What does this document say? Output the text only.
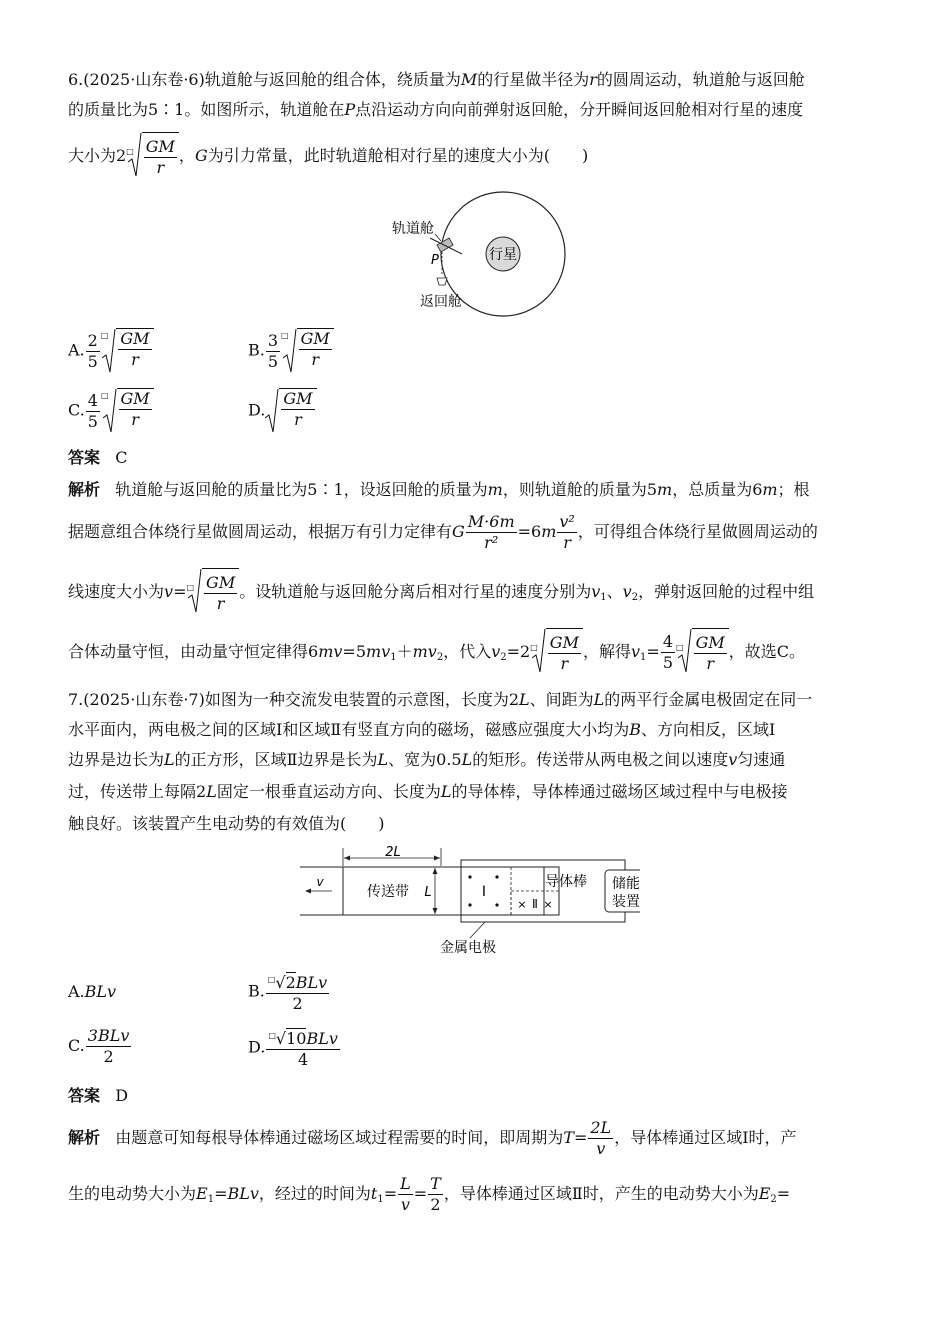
6.(2025·山东卷·6)轨道舱与返回舱的组合体，绕质量为M的行星做半径为r的圆周运动，轨道舱与返回舱
的质量比为5∶1。如图所示，轨道舱在P点沿运动方向向前弹射返回舱，分开瞬间返回舱相对行星的速度
大小为2 □ $\frac{GM}{r}$ ，G为引力常量，此时轨道舱相对行星的速度大小为(　　)
行星
轨道舱
P
返回舱
A. $\frac{2}{5}$ □ $\frac{GM}{r}$	B. $\frac{3}{5}$ □ $\frac{GM}{r}$
C. $\frac{4}{5}$ □ $\frac{GM}{r}$	D. $\frac{GM}{r}$
答案 C
解析 轨道舱与返回舱的质量比为5∶1，设返回舱的质量为m，则轨道舱的质量为5m，总质量为6m；根
据题意组合体绕行星做圆周运动，根据万有引力定律有G $\frac{M\cdot 6m}{\text{r²}} =6m \frac{\text{v²}}{r}$ ，可得组合体绕行星做圆周运动的
线速度大小为v= □ $\frac{GM}{r}$ 。设轨道舱与返回舱分离后相对行星的速度分别为$v_1$、$v_2$，弹射返回舱的过程中组
合体动量守恒，由动量守恒定律得$6mv=5mv_1+mv_2$，代入$v_2=2$ □ $\frac{GM}{r}$ ，解得$v_1= \frac{4}{5}$ □ $\frac{GM}{r}$ ，故选C。
7.(2025·山东卷·7)如图为一种交流发电装置的示意图，长度为2L、间距为L的两平行金属电极固定在同一
水平面内，两电极之间的区域Ⅰ和区域Ⅱ有竖直方向的磁场，磁感应强度大小均为B、方向相反，区域Ⅰ
边界是边长为L的正方形，区域Ⅱ边界是长为L、宽为0.5L的矩形。传送带从两电极之间以速度v匀速通
过，传送带上每隔2L固定一根垂直运动方向、长度为L的导体棒，导体棒通过磁场区域过程中与电极接
触良好。该装置产生电动势的有效值为(　　)
2L
v
传送带 L	Ⅰ
× Ⅱ ×
导体棒 储能
装置
金属电极
A.BLv	B. $\frac{^□√2BLv}{2}$
C. $\frac{\text{3BLv}}{2}$	D. $\frac{^□√10BLv}{4}$
答案 D
解析 由题意可知每根导体棒通过磁场区域过程需要的时间，即周期为$T= \frac{2L}{v}$ ，导体棒通过区域Ⅰ时，产
生的电动势大小为$E_1=BLv$，经过的时间为$t_1= \frac{L}{v} = \frac{T}{2}$ ，导体棒通过区域Ⅱ时，产生的电动势大小为$E_2=$
